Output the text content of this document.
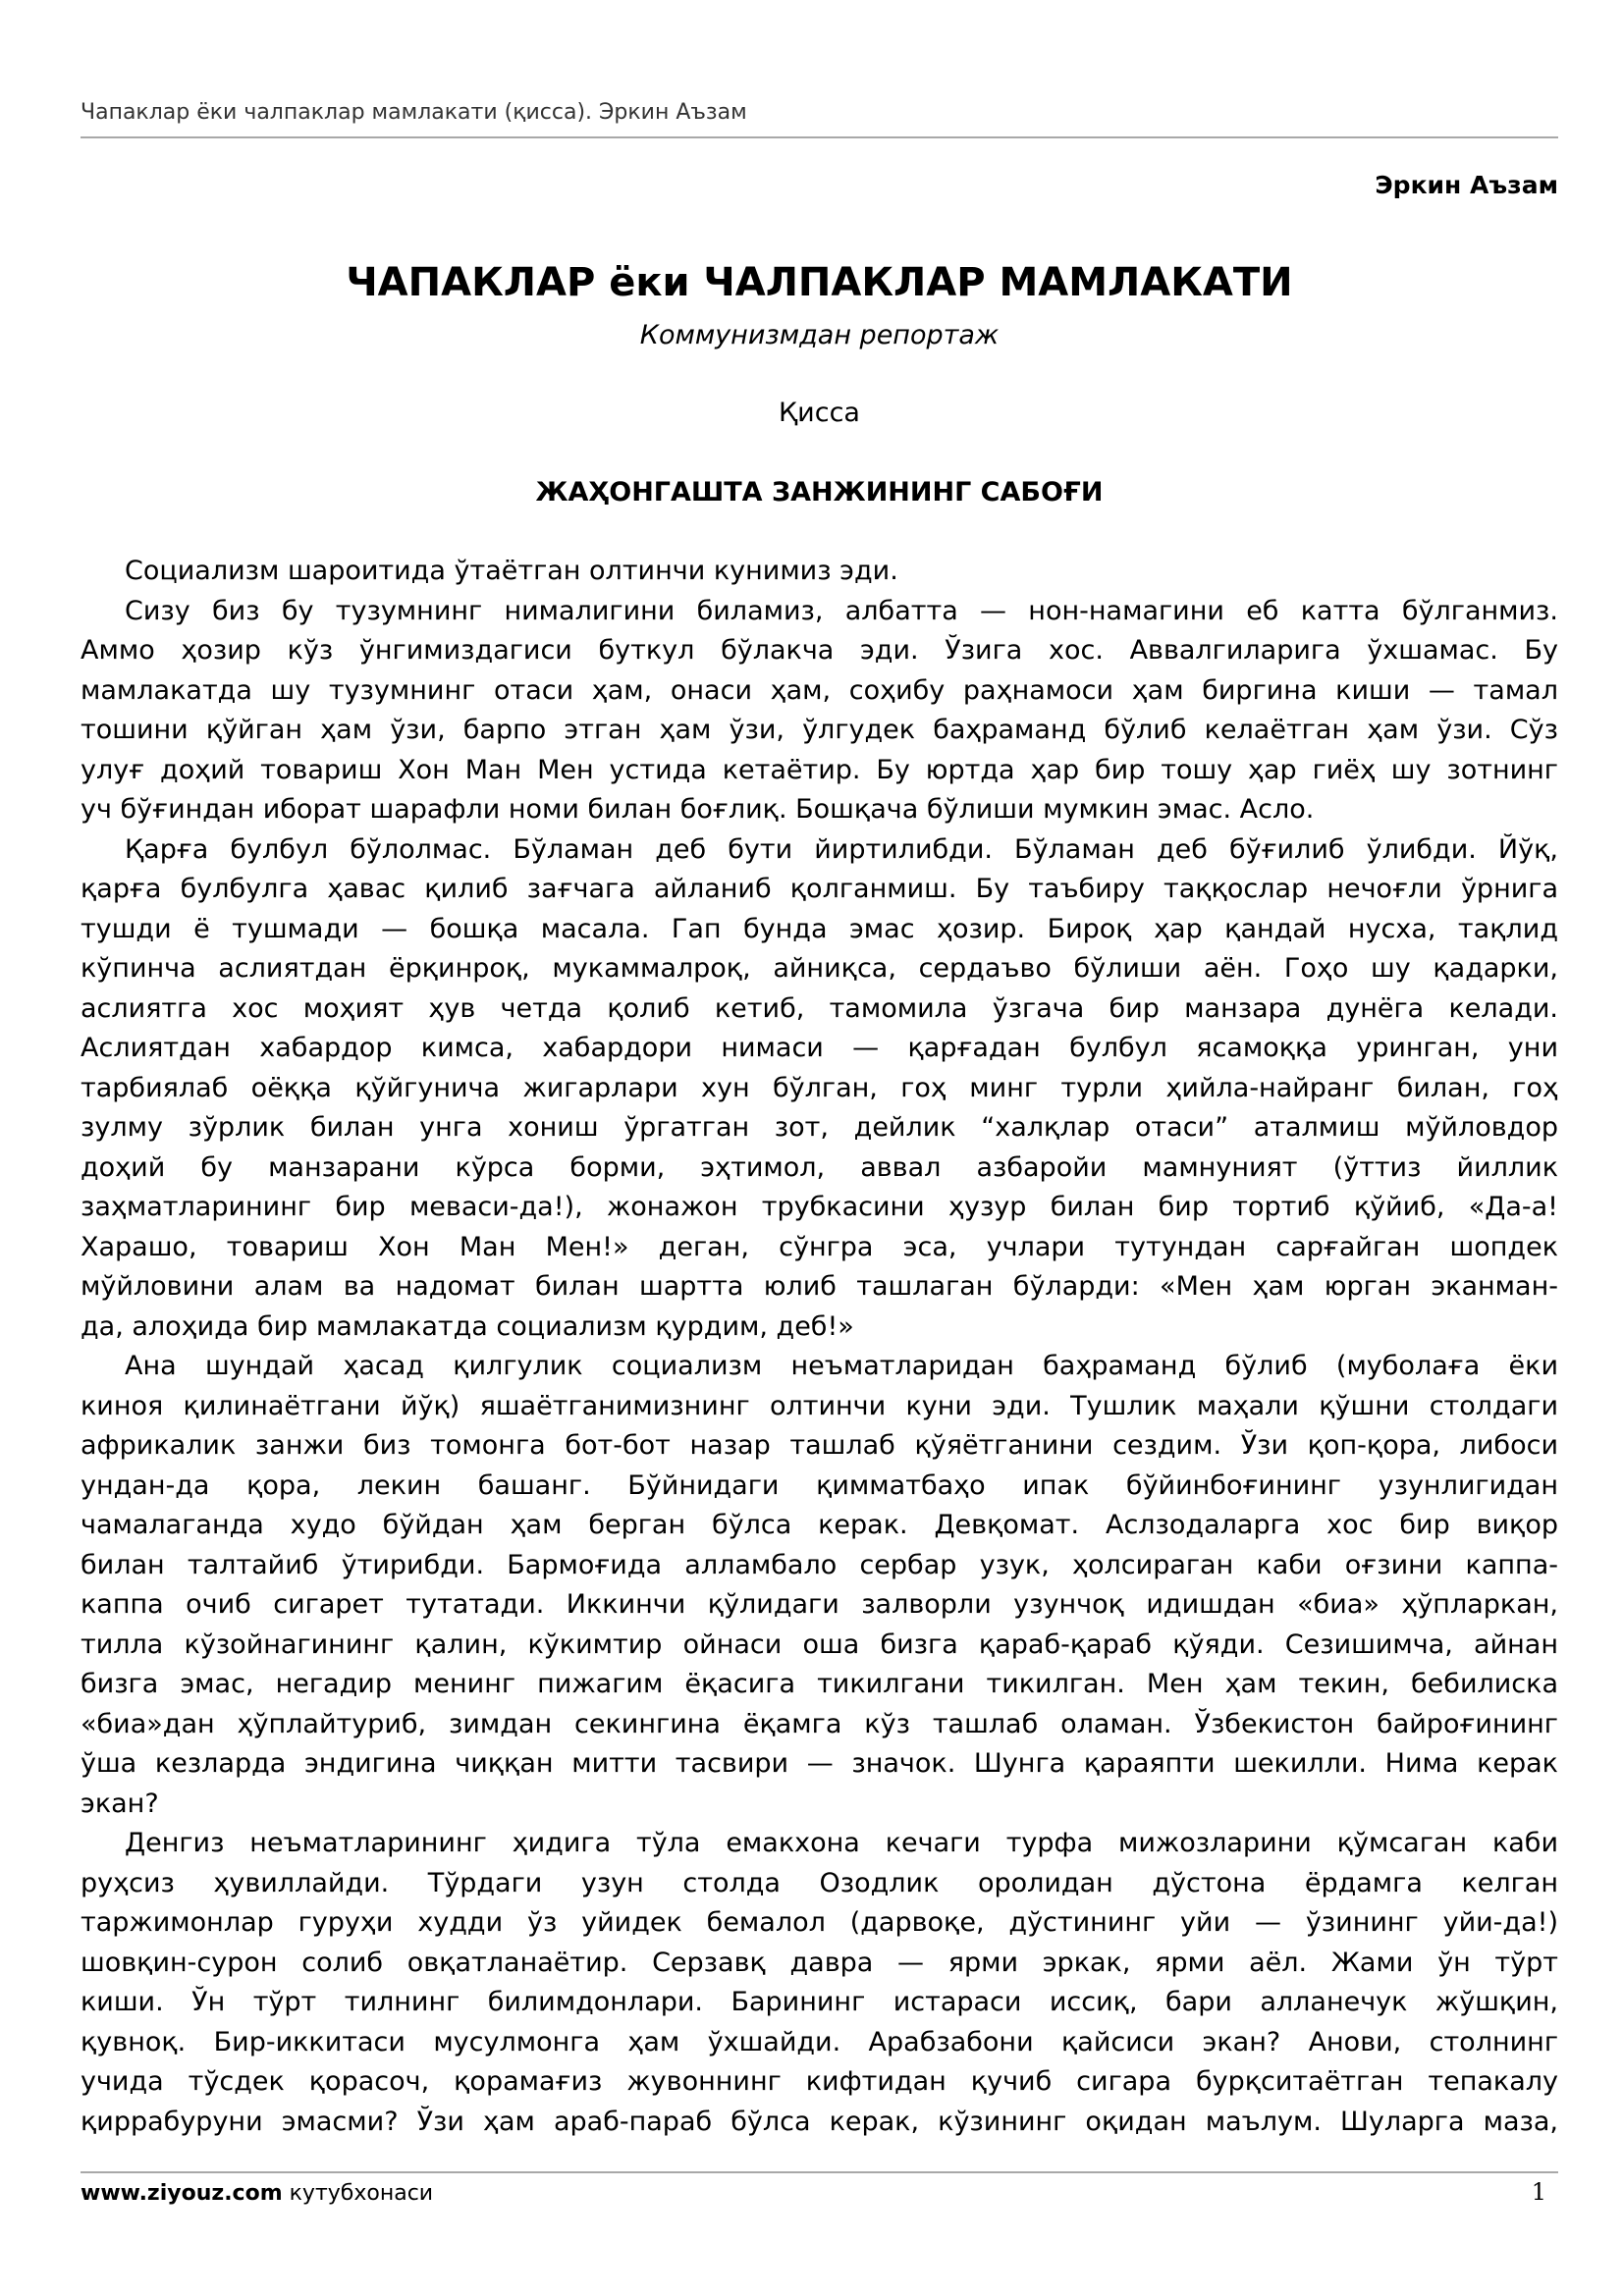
Чапаклар ёки чалпаклар мамлакати (қисса). Эркин Аъзам
Эркин Аъзам
ЧАПАКЛАР ёки ЧАЛПАКЛАР МАМЛАКАТИ
Коммунизмдан репортаж
Қисса
ЖАҲОНГАШТА ЗАНЖИНИНГ САБОҒИ
Социализм шароитида ўтаётган олтинчи кунимиз эди.
Сизу биз бу тузумнинг нималигини биламиз, албатта — нон-намагини еб катта бўлганмиз.
Аммо ҳозир кўз ўнгимиздагиси буткул бўлакча эди. Ўзига хос. Аввалгиларига ўхшамас. Бу
мамлакатда шу тузумнинг отаси ҳам, онаси ҳам, соҳибу раҳнамоси ҳам биргина киши — тамал
тошини қўйган ҳам ўзи, барпо этган ҳам ўзи, ўлгудек баҳраманд бўлиб келаётган ҳам ўзи. Сўз
улуғ доҳий товариш Хон Ман Мен устида кетаётир. Бу юртда ҳар бир тошу ҳар гиёҳ шу зотнинг
уч бўғиндан иборат шарафли номи билан боғлиқ. Бошқача бўлиши мумкин эмас. Асло.
Қарға булбул бўлолмас. Бўламан деб бути йиртилибди. Бўламан деб бўғилиб ўлибди. Йўқ,
қарға булбулга ҳавас қилиб зағчага айланиб қолганмиш. Бу таъбиру таққослар нечоғли ўрнига
тушди ё тушмади — бошқа масала. Гап бунда эмас ҳозир. Бироқ ҳар қандай нусха, тақлид
кўпинча аслиятдан ёрқинроқ, мукаммалроқ, айниқса, сердаъво бўлиши аён. Гоҳо шу қадарки,
аслиятга хос моҳият ҳув четда қолиб кетиб, тамомила ўзгача бир манзара дунёга келади.
Аслиятдан хабардор кимса, хабардори нимаси — қарғадан булбул ясамоққа уринган, уни
тарбиялаб оёққа қўйгунича жигарлари хун бўлган, гоҳ минг турли ҳийла-найранг билан, гоҳ
зулму зўрлик билан унга хониш ўргатган зот, дейлик “халқлар отаси” аталмиш мўйловдор
доҳий бу манзарани кўрса борми, эҳтимол, аввал азбаройи мамнуният (ўттиз йиллик
заҳматларининг бир меваси-да!), жонажон трубкасини ҳузур билан бир тортиб қўйиб, «Да-а!
Харашо, товариш Хон Ман Мен!» деган, сўнгра эса, учлари тутундан сарғайган шопдек
мўйловини алам ва надомат билан шартта юлиб ташлаган бўларди: «Мен ҳам юрган эканман-
да, алоҳида бир мамлакатда социализм қурдим, деб!»
Ана шундай ҳасад қилгулик социализм неъматларидан баҳраманд бўлиб (муболаға ёки
киноя қилинаётгани йўқ) яшаётганимизнинг олтинчи куни эди. Тушлик маҳали қўшни столдаги
африкалик занжи биз томонга бот-бот назар ташлаб қўяётганини сездим. Ўзи қоп-қора, либоси
ундан-да қора, лекин башанг. Бўйнидаги қимматбаҳо ипак бўйинбоғининг узунлигидан
чамалаганда худо бўйдан ҳам берган бўлса керак. Девқомат. Аслзодаларга хос бир виқор
билан талтайиб ўтирибди. Бармоғида алламбало сербар узук, ҳолсираган каби оғзини каппа-
каппа очиб сигарет тутатади. Иккинчи қўлидаги залворли узунчоқ идишдан «биа» ҳўпларкан,
тилла кўзойнагининг қалин, кўкимтир ойнаси оша бизга қараб-қараб қўяди. Сезишимча, айнан
бизга эмас, негадир менинг пижагим ёқасига тикилгани тикилган. Мен ҳам текин, бебилиска
«биа»дан ҳўплайтуриб, зимдан секингина ёқамга кўз ташлаб оламан. Ўзбекистон байроғининг
ўша кезларда эндигина чиққан митти тасвири — значок. Шунга қараяпти шекилли. Нима керак
экан?
Денгиз неъматларининг ҳидига тўла емакхона кечаги турфа мижозларини қўмсаган каби
руҳсиз ҳувиллайди. Тўрдаги узун столда Озодлик оролидан дўстона ёрдамга келган
таржимонлар гуруҳи худди ўз уйидек бемалол (дарвоқе, дўстининг уйи — ўзининг уйи-да!)
шовқин-сурон солиб овқатланаётир. Серзавқ давра — ярми эркак, ярми аёл. Жами ўн тўрт
киши. Ўн тўрт тилнинг билимдонлари. Барининг истараси иссиқ, бари алланечук жўшқин,
қувноқ. Бир-иккитаси мусулмонга ҳам ўхшайди. Арабзабони қайсиси экан? Анови, столнинг
учида тўсдек қорасоч, қорамағиз жувоннинг кифтидан қучиб сигара бурқситаётган тепакалу
қиррабуруни эмасми? Ўзи ҳам араб-параб бўлса керак, кўзининг оқидан маълум. Шуларга маза,
www.ziyouz.com кутубхонаси	1
